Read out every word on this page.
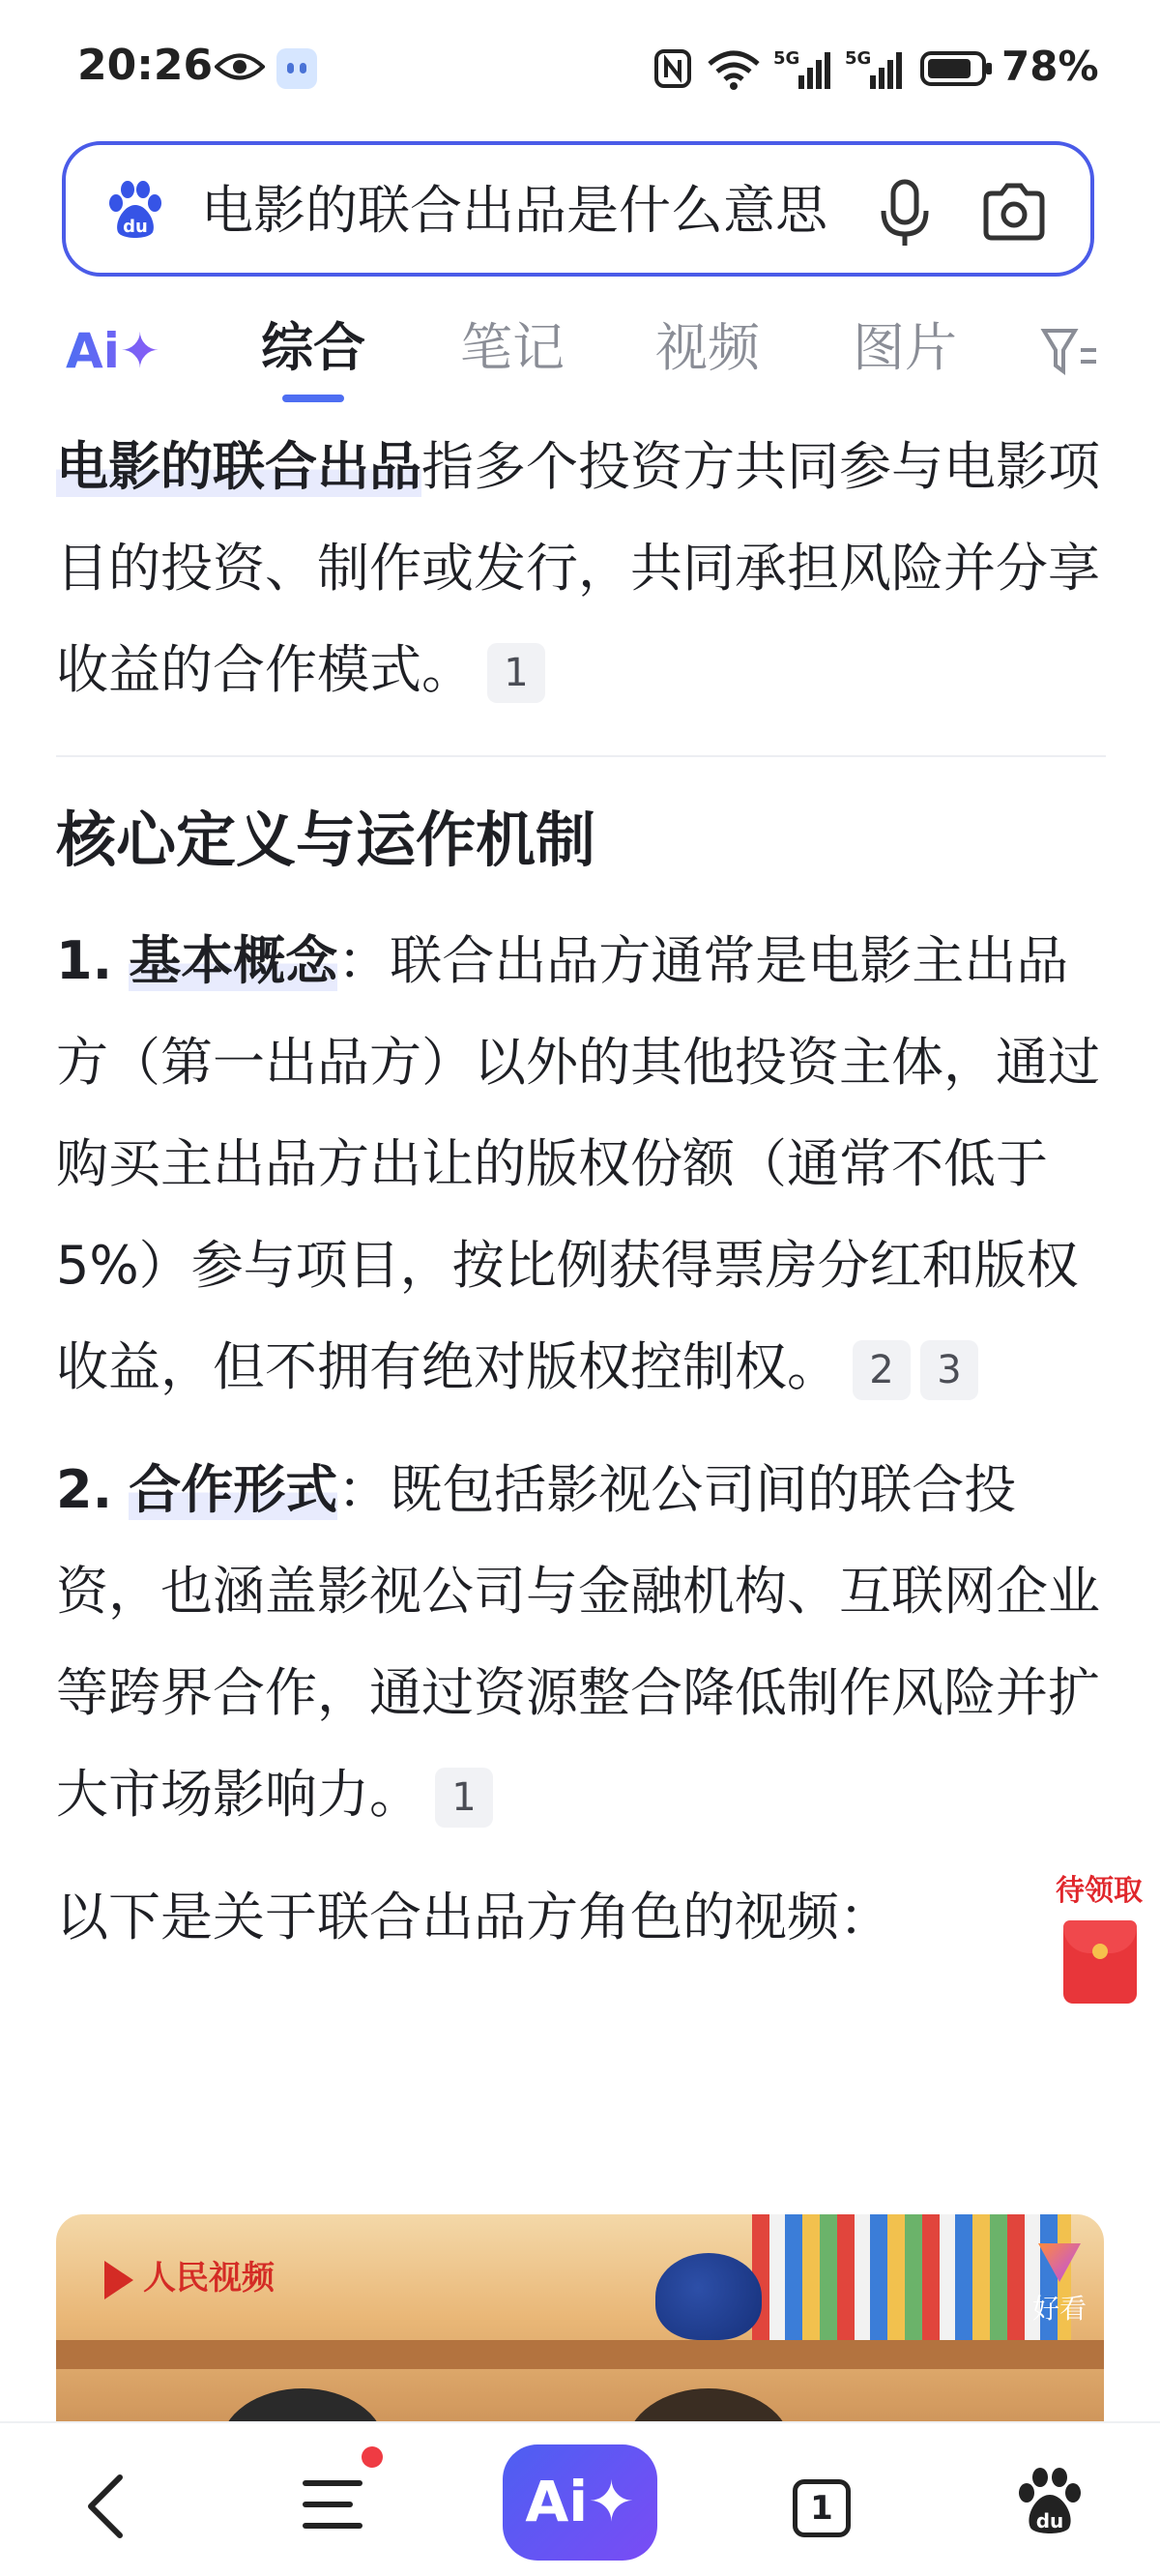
20:26	5G	5G	78%
du 电影的联合出品是什么意思
Ai✦ 综合 笔记 视频 图片

电影的联合出品指多个投资方共同参与电影项目的投资、制作或发行，共同承担风险并分享收益的合作模式。 1

核心定义与运作机制

1. 基本概念：联合出品方通常是电影主出品方（第一出品方）以外的其他投资主体，通过购买主出品方出让的版权份额（通常不低于5%）参与项目，按比例获得票房分红和版权收益，但不拥有绝对版权控制权。 2 3

2. 合作形式：既包括影视公司间的联合投资，也涵盖影视公司与金融机构、互联网企业等跨界合作，通过资源整合降低制作风险并扩大市场影响力。 1

以下是关于联合出品方角色的视频：

人民视频
好看
待领取
Ai✦	1	du
